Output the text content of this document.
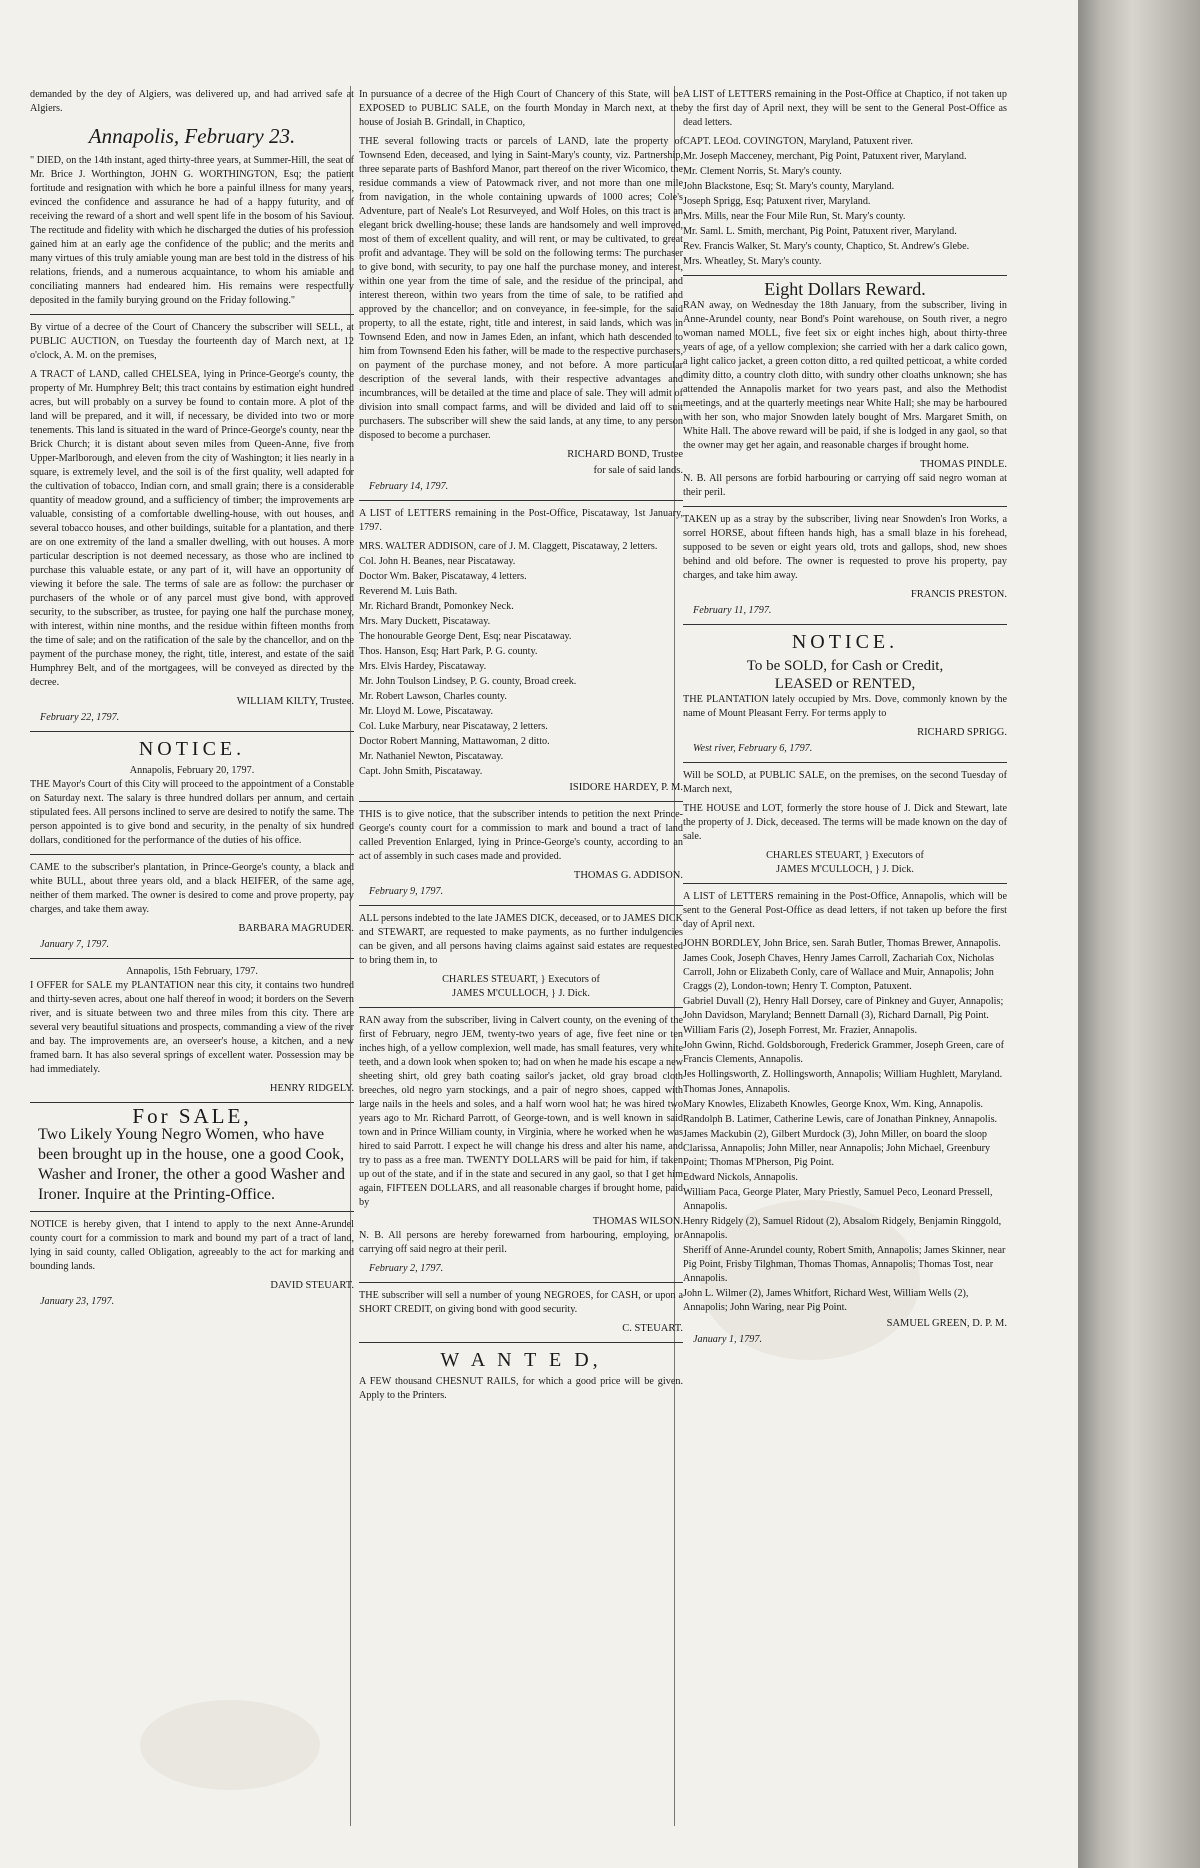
demanded by the dey of Algiers, was delivered up, and had arrived safe at Algiers.

Annapolis, February 23.

" DIED, on the 14th instant, aged thirty-three years, at Summer-Hill, the seat of Mr. Brice J. Worthington, JOHN G. WORTHINGTON, Esq; the patient fortitude and resignation with which he bore a painful illness for many years, evinced the confidence and assurance he had of a happy futurity, and of receiving the reward of a short and well spent life in the bosom of his Saviour. The rectitude and fidelity with which he discharged the duties of his profession gained him at an early age the confidence of the public; and the merits and many virtues of this truly amiable young man are best told in the distress of his relations, friends, and a numerous acquaintance, to whom his amiable and conciliating manners had endeared him. His remains were respectfully deposited in the family burying ground on the Friday following."

By virtue of a decree of the Court of Chancery the subscriber will SELL, at PUBLIC AUCTION, on Tuesday the fourteenth day of March next, at 12 o'clock, A. M. on the premises,

A TRACT of LAND, called CHELSEA, lying in Prince-George's county, the property of Mr. Humphrey Belt; this tract contains by estimation eight hundred acres, but will probably on a survey be found to contain more. A plot of the land will be prepared, and it will, if necessary, be divided into two or more tenements. This land is situated in the ward of Prince-George's county, near the Brick Church; it is distant about seven miles from Queen-Anne, five from Upper-Marlborough, and eleven from the city of Washington; it lies nearly in a square, is extremely level, and the soil is of the first quality, well adapted for the cultivation of tobacco, Indian corn, and small grain; there is a considerable quantity of meadow ground, and a sufficiency of timber; the improvements are valuable, consisting of a comfortable dwelling-house, with out houses, and several tobacco houses, and other buildings, suitable for a plantation, and there are on one extremity of the land a smaller dwelling, with out houses. A more particular description is not deemed necessary, as those who are inclined to purchase this valuable estate, or any part of it, will have an opportunity of viewing it before the sale. The terms of sale are as follow: the purchaser or purchasers of the whole or of any parcel must give bond, with approved security, to the subscriber, as trustee, for paying one half the purchase money, with interest, within nine months, and the residue within fifteen months from the time of sale; and on the ratification of the sale by the chancellor, and on the payment of the purchase money, the right, title, interest, and estate of the said Humphrey Belt, and of the mortgagees, will be conveyed as directed by the decree.

WILLIAM KILTY, Trustee.
February 22, 1797.
NOTICE.
Annapolis, February 20, 1797.

THE Mayor's Court of this City will proceed to the appointment of a Constable on Saturday next. The salary is three hundred dollars per annum, and certain stipulated fees. All persons inclined to serve are desired to notify the same. The person appointed is to give bond and security, in the penalty of six hundred dollars, conditioned for the performance of the duties of his office.

CAME to the subscriber's plantation, in Prince-George's county, a black and white BULL, about three years old, and a black HEIFER, of the same age, neither of them marked. The owner is desired to come and prove property, pay charges, and take them away.

BARBARA MAGRUDER.
January 7, 1797.
Annapolis, 15th February, 1797.

I OFFER for SALE my PLANTATION near this city, it contains two hundred and thirty-seven acres, about one half thereof in wood; it borders on the Severn river, and is situate between two and three miles from this city. There are several very beautiful situations and prospects, commanding a view of the river and bay. The improvements are, an overseer's house, a kitchen, and a new framed barn. It has also several springs of excellent water. Possession may be had immediately.

HENRY RIDGELY.
For SALE,

Two Likely Young Negro Women, who have been brought up in the house, one a good Cook, Washer and Ironer, the other a good Washer and Ironer. Inquire at the Printing-Office.

NOTICE is hereby given, that I intend to apply to the next Anne-Arundel county court for a commission to mark and bound my part of a tract of land, lying in said county, called Obligation, agreeably to the act for marking and bounding lands.

DAVID STEUART.
January 23, 1797.

In pursuance of a decree of the High Court of Chancery of this State, will be EXPOSED to PUBLIC SALE, on the fourth Monday in March next, at the house of Josiah B. Grindall, in Chaptico,

THE several following tracts or parcels of LAND, late the property of Townsend Eden, deceased, and lying in Saint-Mary's county, viz. Partnership, three separate parts of Bashford Manor, part thereof on the river Wicomico, the residue commands a view of Patowmack river, and not more than one mile from navigation, in the whole containing upwards of 1000 acres; Cole's Adventure, part of Neale's Lot Resurveyed, and Wolf Holes, on this tract is an elegant brick dwelling-house; these lands are handsomely and well improved, most of them of excellent quality, and will rent, or may be cultivated, to great profit and advantage. They will be sold on the following terms: The purchaser to give bond, with security, to pay one half the purchase money, and interest, within one year from the time of sale, and the residue of the principal, and interest thereon, within two years from the time of sale, to be ratified and approved by the chancellor; and on conveyance, in fee-simple, for the said property, to all the estate, right, title and interest, in said lands, which was in Townsend Eden, and now in James Eden, an infant, which hath descended to him from Townsend Eden his father, will be made to the respective purchasers, on payment of the purchase money, and not before. A more particular description of the several lands, with their respective advantages and incumbrances, will be detailed at the time and place of sale. They will admit of division into small compact farms, and will be divided and laid off to suit purchasers. The subscriber will shew the said lands, at any time, to any person disposed to become a purchaser.

RICHARD BOND, Trustee
for sale of said lands.
February 14, 1797.

A LIST of LETTERS remaining in the Post-Office, Piscataway, 1st January, 1797.

MRS. WALTER ADDISON, care of J. M. Claggett, Piscataway, 2 letters.

Col. John H. Beanes, near Piscataway.

Doctor Wm. Baker, Piscataway, 4 letters.

Reverend M. Luis Bath.

Mr. Richard Brandt, Pomonkey Neck.

Mrs. Mary Duckett, Piscataway.

The honourable George Dent, Esq; near Piscataway.

Thos. Hanson, Esq; Hart Park, P. G. county.

Mrs. Elvis Hardey, Piscataway.

Mr. John Toulson Lindsey, P. G. county, Broad creek.

Mr. Robert Lawson, Charles county.

Mr. Lloyd M. Lowe, Piscataway.

Col. Luke Marbury, near Piscataway, 2 letters.

Doctor Robert Manning, Mattawoman, 2 ditto.

Mr. Nathaniel Newton, Piscataway.

Capt. John Smith, Piscataway.

ISIDORE HARDEY, P. M.

THIS is to give notice, that the subscriber intends to petition the next Prince-George's county court for a commission to mark and bound a tract of land called Prevention Enlarged, lying in Prince-George's county, according to an act of assembly in such cases made and provided.

THOMAS G. ADDISON.
February 9, 1797.

ALL persons indebted to the late JAMES DICK, deceased, or to JAMES DICK and STEWART, are requested to make payments, as no further indulgencies can be given, and all persons having claims against said estates are requested to bring them in, to

CHARLES STEUART, } Executors of
JAMES M'CULLOCH, } J. Dick.

RAN away from the subscriber, living in Calvert county, on the evening of the first of February, negro JEM, twenty-two years of age, five feet nine or ten inches high, of a yellow complexion, well made, has small features, very white teeth, and a down look when spoken to; had on when he made his escape a new sheeting shirt, old grey bath coating sailor's jacket, old gray broad cloth breeches, old negro yarn stockings, and a pair of negro shoes, capped with large nails in the heels and soles, and a half worn wool hat; he was hired two years ago to Mr. Richard Parrott, of George-town, and is well known in said town and in Prince William county, in Virginia, where he worked when he was hired to said Parrott. I expect he will change his dress and alter his name, and try to pass as a free man. TWENTY DOLLARS will be paid for him, if taken up out of the state, and if in the state and secured in any gaol, so that I get him again, FIFTEEN DOLLARS, and all reasonable charges if brought home, paid by

THOMAS WILSON.

N. B. All persons are hereby forewarned from harbouring, employing, or carrying off said negro at their peril.

February 2, 1797.

THE subscriber will sell a number of young NEGROES, for CASH, or upon a SHORT CREDIT, on giving bond with good security.

C. STEUART.
W A N T E D,

A FEW thousand CHESNUT RAILS, for which a good price will be given. Apply to the Printers.

A LIST of LETTERS remaining in the Post-Office at Chaptico, if not taken up by the first day of April next, they will be sent to the General Post-Office as dead letters.

CAPT. LEOd. COVINGTON, Maryland, Patuxent river.

Mr. Joseph Macceney, merchant, Pig Point, Patuxent river, Maryland.

Mr. Clement Norris, St. Mary's county.

John Blackstone, Esq; St. Mary's county, Maryland.

Joseph Sprigg, Esq; Patuxent river, Maryland.

Mrs. Mills, near the Four Mile Run, St. Mary's county.

Mr. Saml. L. Smith, merchant, Pig Point, Patuxent river, Maryland.

Rev. Francis Walker, St. Mary's county, Chaptico, St. Andrew's Glebe.

Mrs. Wheatley, St. Mary's county.

Eight Dollars Reward.

RAN away, on Wednesday the 18th January, from the subscriber, living in Anne-Arundel county, near Bond's Point warehouse, on South river, a negro woman named MOLL, five feet six or eight inches high, about thirty-three years of age, of a yellow complexion; she carried with her a dark calico gown, a light calico jacket, a green cotton ditto, a red quilted petticoat, a white corded dimity ditto, a country cloth ditto, with sundry other cloaths unknown; she has attended the Annapolis market for two years past, and also the Methodist meetings, and at the quarterly meetings near White Hall; she may be harboured with her son, who major Snowden lately bought of Mrs. Margaret Smith, on White Hall. The above reward will be paid, if she is lodged in any gaol, so that the owner may get her again, and reasonable charges if brought home.

THOMAS PINDLE.

N. B. All persons are forbid harbouring or carrying off said negro woman at their peril.

TAKEN up as a stray by the subscriber, living near Snowden's Iron Works, a sorrel HORSE, about fifteen hands high, has a small blaze in his forehead, supposed to be seven or eight years old, trots and gallops, shod, new shoes behind and old before. The owner is requested to prove his property, pay charges, and take him away.

FRANCIS PRESTON.
February 11, 1797.
NOTICE.
To be SOLD, for Cash or Credit,
LEASED or RENTED,

THE PLANTATION lately occupied by Mrs. Dove, commonly known by the name of Mount Pleasant Ferry. For terms apply to

RICHARD SPRIGG.
West river, February 6, 1797.

Will be SOLD, at PUBLIC SALE, on the premises, on the second Tuesday of March next,

THE HOUSE and LOT, formerly the store house of J. Dick and Stewart, late the property of J. Dick, deceased. The terms will be made known on the day of sale.

CHARLES STEUART, } Executors of
JAMES M'CULLOCH, } J. Dick.

A LIST of LETTERS remaining in the Post-Office, Annapolis, which will be sent to the General Post-Office as dead letters, if not taken up before the first day of April next.

JOHN BORDLEY, John Brice, sen. Sarah Butler, Thomas Brewer, Annapolis.

James Cook, Joseph Chaves, Henry James Carroll, Zachariah Cox, Nicholas Carroll, John or Elizabeth Conly, care of Wallace and Muir, Annapolis; John Craggs (2), London-town; Henry T. Compton, Patuxent.

Gabriel Duvall (2), Henry Hall Dorsey, care of Pinkney and Guyer, Annapolis; John Davidson, Maryland; Bennett Darnall (3), Richard Darnall, Pig Point.

William Faris (2), Joseph Forrest, Mr. Frazier, Annapolis.

John Gwinn, Richd. Goldsborough, Frederick Grammer, Joseph Green, care of Francis Clements, Annapolis.

Jes Hollingsworth, Z. Hollingsworth, Annapolis; William Hughlett, Maryland.

Thomas Jones, Annapolis.

Mary Knowles, Elizabeth Knowles, George Knox, Wm. King, Annapolis.

Randolph B. Latimer, Catherine Lewis, care of Jonathan Pinkney, Annapolis.

James Mackubin (2), Gilbert Murdock (3), John Miller, on board the sloop Clarissa, Annapolis; John Miller, near Annapolis; John Michael, Greenbury Point; Thomas M'Pherson, Pig Point.

Edward Nickols, Annapolis.

William Paca, George Plater, Mary Priestly, Samuel Peco, Leonard Pressell, Annapolis.

Henry Ridgely (2), Samuel Ridout (2), Absalom Ridgely, Benjamin Ringgold, Annapolis.

Sheriff of Anne-Arundel county, Robert Smith, Annapolis; James Skinner, near Pig Point, Frisby Tilghman, Thomas Thomas, Annapolis; Thomas Tost, near Annapolis.

John L. Wilmer (2), James Whitfort, Richard West, William Wells (2), Annapolis; John Waring, near Pig Point.

SAMUEL GREEN, D. P. M.
January 1, 1797.
